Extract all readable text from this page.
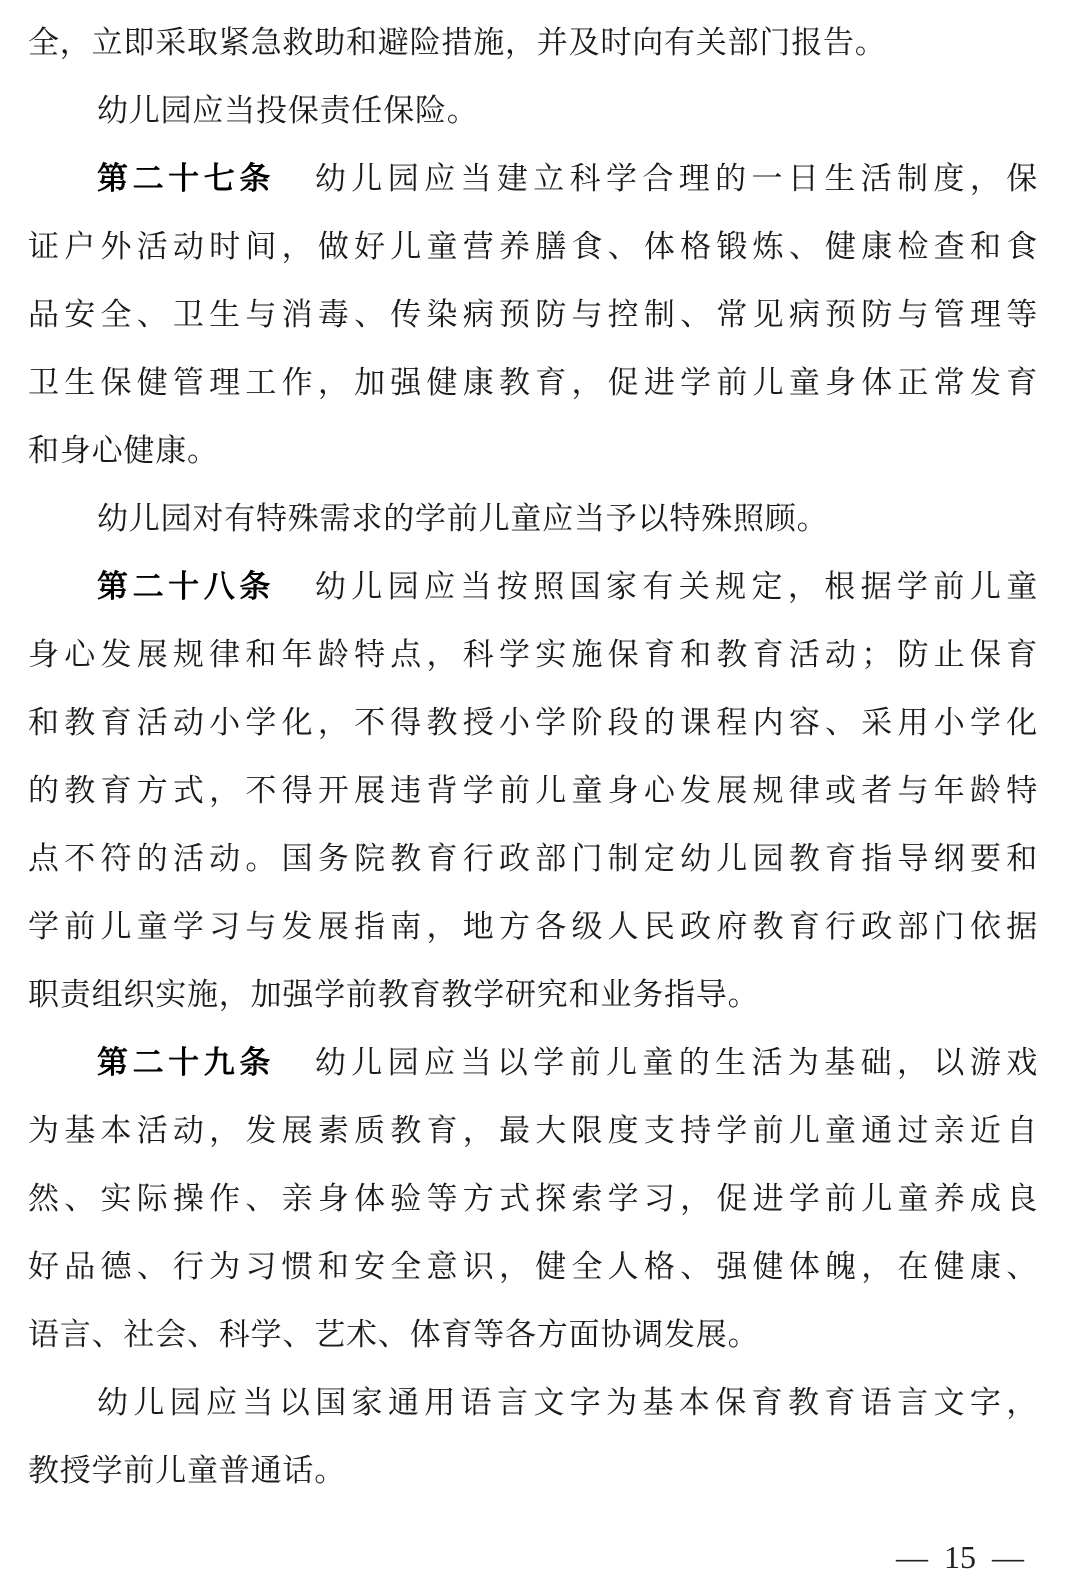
全，立即采取紧急救助和避险措施，并及时向有关部门报告。
幼儿园应当投保责任保险。
第二十七条 幼儿园应当建立科学合理的一日生活制度，保
证户外活动时间，做好儿童营养膳食、体格锻炼、健康检查和食
品安全、卫生与消毒、传染病预防与控制、常见病预防与管理等
卫生保健管理工作，加强健康教育，促进学前儿童身体正常发育
和身心健康。
幼儿园对有特殊需求的学前儿童应当予以特殊照顾。
第二十八条 幼儿园应当按照国家有关规定，根据学前儿童
身心发展规律和年龄特点，科学实施保育和教育活动；防止保育
和教育活动小学化，不得教授小学阶段的课程内容、采用小学化
的教育方式，不得开展违背学前儿童身心发展规律或者与年龄特
点不符的活动。国务院教育行政部门制定幼儿园教育指导纲要和
学前儿童学习与发展指南，地方各级人民政府教育行政部门依据
职责组织实施，加强学前教育教学研究和业务指导。
第二十九条 幼儿园应当以学前儿童的生活为基础，以游戏
为基本活动，发展素质教育，最大限度支持学前儿童通过亲近自
然、实际操作、亲身体验等方式探索学习，促进学前儿童养成良
好品德、行为习惯和安全意识，健全人格、强健体魄，在健康、
语言、社会、科学、艺术、体育等各方面协调发展。
幼儿园应当以国家通用语言文字为基本保育教育语言文字，
教授学前儿童普通话。
—  15  —
